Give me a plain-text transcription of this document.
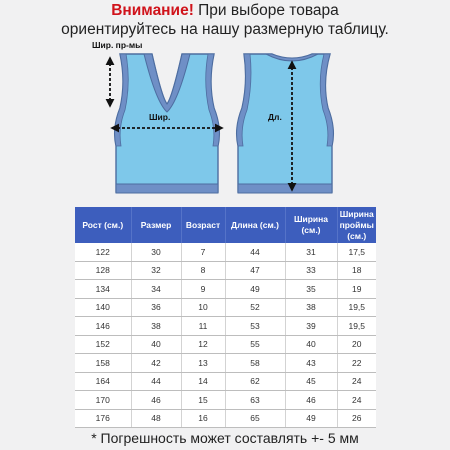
Внимание! При выборе товара
ориентируйтесь на нашу размерную таблицу.
Шир. пр-мы
Шир.	Дл.
Рост (см.)	Размер	Возраст	Длина (см.)	Ширина (см.)	Ширина проймы (см.)
122	30	7	44	31	17,5
128	32	8	47	33	18
134	34	9	49	35	19
140	36	10	52	38	19,5
146	38	11	53	39	19,5
152	40	12	55	40	20
158	42	13	58	43	22
164	44	14	62	45	24
170	46	15	63	46	24
176	48	16	65	49	26
* Погрешность может составлять +- 5 мм
